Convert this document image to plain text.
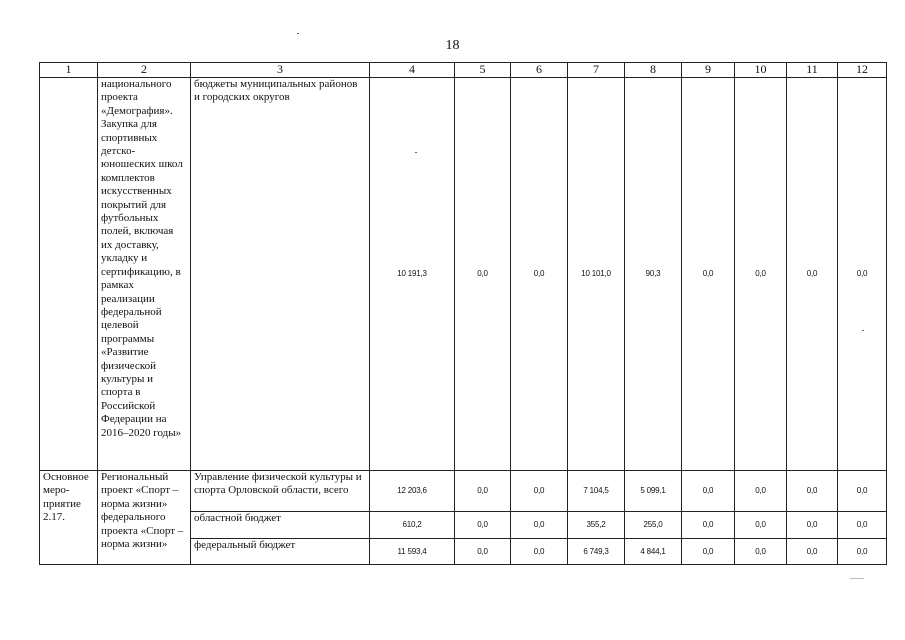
18
1	2	3	4	5	6	7	8	9	10	11	12
	национального проекта «Демография». Закупка для спортивных детско-юношеских школ комплектов искусственных покрытий для футбольных полей, включая их доставку, укладку и сертификацию, в рамках реализации федеральной целевой программы «Развитие физической культуры и спорта в Российской Федерации на 2016–2020 годы»	бюджеты муниципальных районов и городских округов	10 191,3	0,0	0,0	10 101,0	90,3	0,0	0,0	0,0	0,0
Основное меро-приятие 2.17.	Региональный проект «Спорт – норма жизни» федерального проекта «Спорт – норма жизни»	Управление физической культуры и спорта Орловской области, всего	12 203,6	0,0	0,0	7 104,5	5 099,1	0,0	0,0	0,0	0,0
		областной бюджет	610,2	0,0	0,0	355,2	255,0	0,0	0,0	0,0	0,0
		федеральный бюджет	11 593,4	0,0	0,0	6 749,3	4 844,1	0,0	0,0	0,0	0,0
